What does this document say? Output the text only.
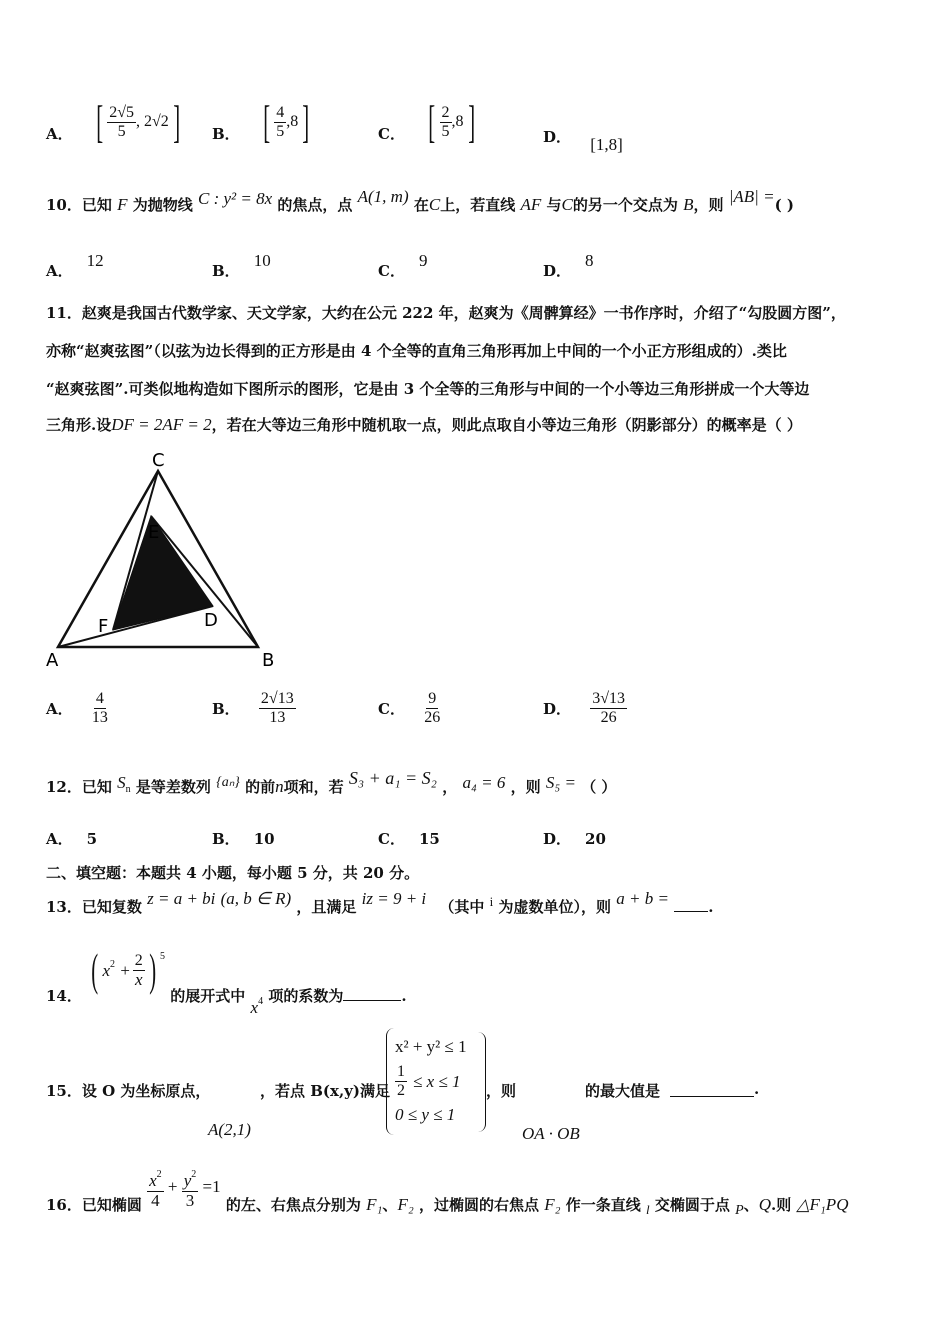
A． [ $\frac{2√5}{5}$ , 2√2 ] B． [ $\frac{4}{5} ,8$ ]	C． [ $\frac{2}{5} ,8$ ]	D． [1,8]
10．已知 F 为抛物线 C : y² = 8x 的焦点，点 A(1, m) 在C上，若直线 AF 与C的另一个交点为 B，则 |AB| =( )
A．12
B．10
C．9
D．8
11．赵爽是我国古代数学家、天文学家，大约在公元 222 年，赵爽为《周髀算经》一书作序时，介绍了“勾股圆方图”，
亦称“赵爽弦图”（以弦为边长得到的正方形是由 4 个全等的直角三角形再加上中间的一个小正方形组成的）.类比
“赵爽弦图”.可类似地构造如下图所示的图形，它是由 3 个全等的三角形与中间的一个小等边三角形拼成一个大等边
三角形.设DF = 2AF = 2，若在大等边三角形中随机取一点，则此点取自小等边三角形（阴影部分）的概率是（ ）
C
E
D
F
A	B
A． $\frac{4}{13}$	B． $\frac{2√13}{13}$	C． $\frac{9}{26}$	D． $\frac{3√13}{26}$
12．已知 $S_n$ 是等差数列 {aₙ} 的前n项和，若 S₃ + a₁ = S₂ ， a₄ = 6 ，则 S₅ = （ ）
A． 5	B． 10	C． 15	D． 20
二、填空题：本题共 4 小题，每小题 5 分，共 20 分。
13．已知复数 z = a + bi (a, b ∈ R) ，且满足 iz = 9 + i （其中 i 为虚数单位），则 a + b =	.
14．
( $x^2 + \frac{2}{x}$ ) 5
的展开式中 $x^4$ 项的系数为	.
15．设 O 为坐标原点，
A(2,1)
，若点 B(x,y)满足
x² + y² ≤ 1
$\frac{1}{2} \le x \le 1$
0 ≤ y ≤ 1
，则
OA · OB
的最大值是	.
16．已知椭圆 $\frac{x^2}{4} + \frac{y^2}{3} =1$ 的左、右焦点分别为 F₁、F₂ ，过椭圆的右焦点 F₂ 作一条直线 l 交椭圆于点 P、Q.则 △F₁PQ
